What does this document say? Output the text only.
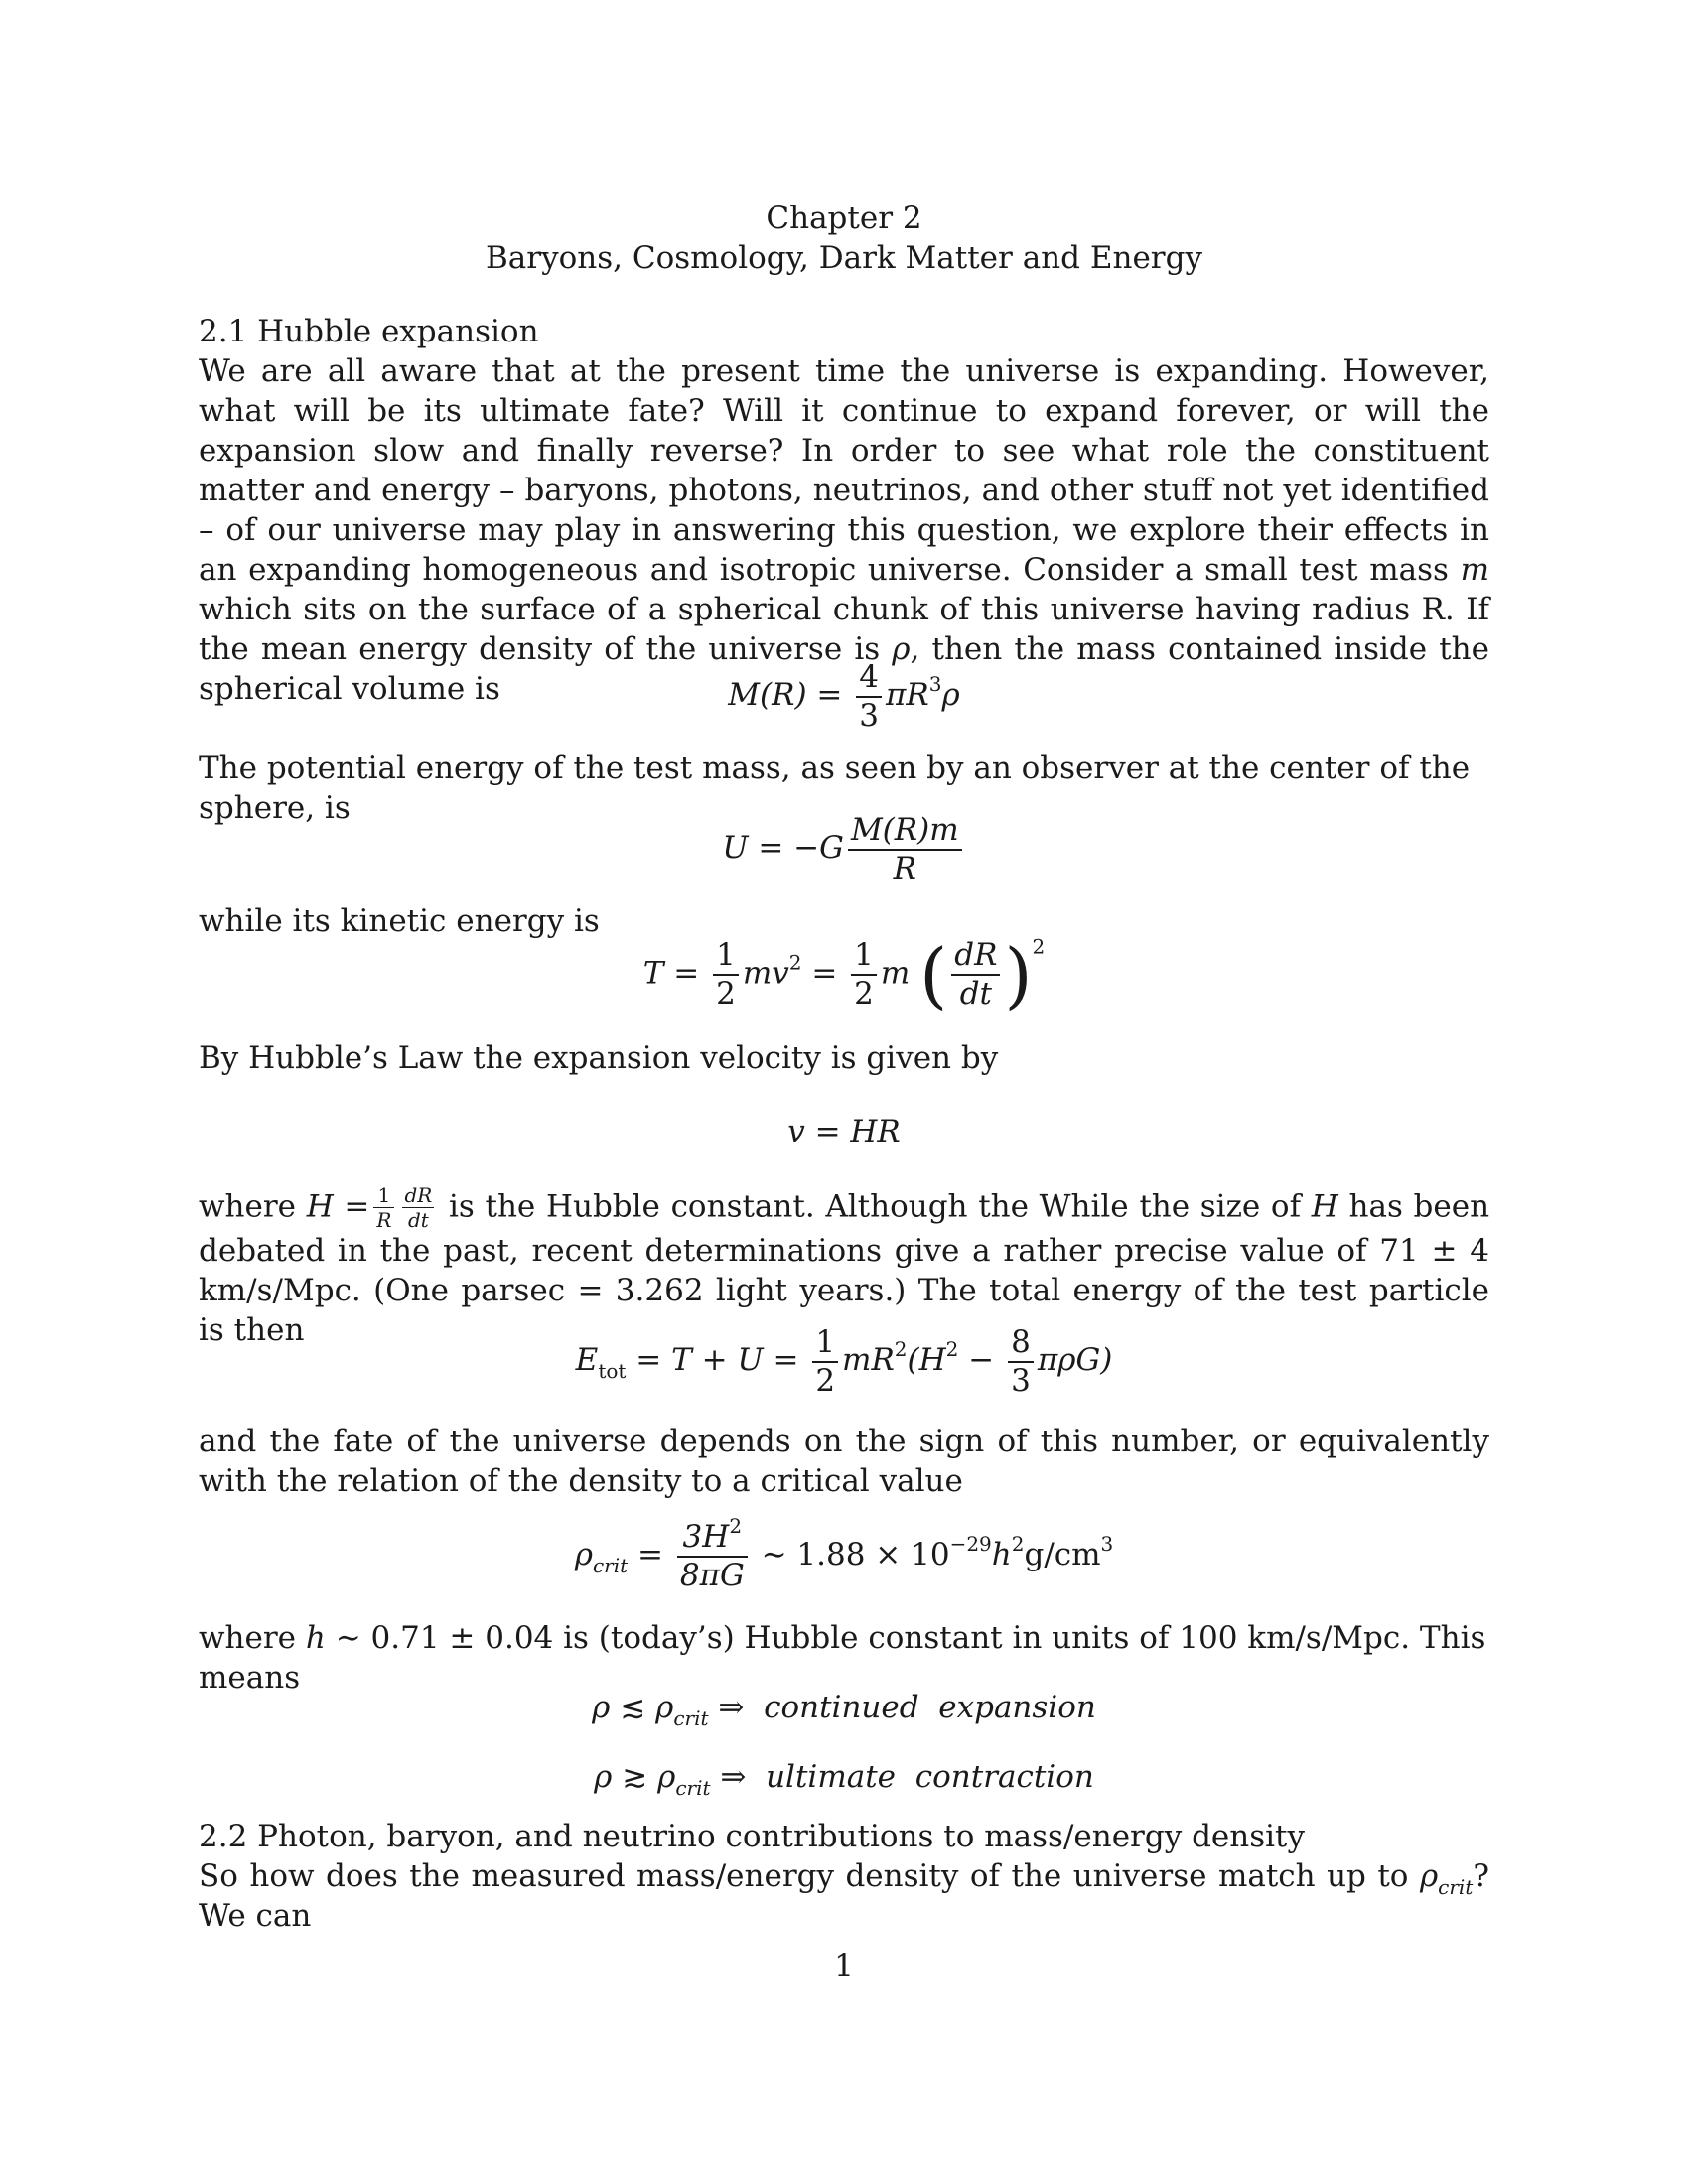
Chapter 2
Baryons, Cosmology, Dark Matter and Energy
2.1 Hubble expansion
We are all aware that at the present time the universe is expanding. However, what will be its ultimate fate? Will it continue to expand forever, or will the expansion slow and finally reverse? In order to see what role the constituent matter and energy – baryons, photons, neutrinos, and other stuff not yet identified – of our universe may play in answering this question, we explore their effects in an expanding homogeneous and isotropic universe. Consider a small test mass m which sits on the surface of a spherical chunk of this universe having radius R. If the mean energy density of the universe is ρ, then the mass contained inside the spherical volume is	$M(R) = \frac{4}{3} \pi R^3\rho$
The potential energy of the test mass, as seen by an observer at the center of the sphere, is
$U = -G \frac{M(R)m}{R}$
while its kinetic energy is
$T = \frac{1}{2} mv^2 = \frac{1}{2}$ m ( $\frac{dR}{dt} )^2$
By Hubble’s Law the expansion velocity is given by
v = HR
where $H = \frac{1}{R} \frac{dR}{dt}$ is the Hubble constant. Although the While the size of H has been debated in the past, recent determinations give a rather precise value of 71 ± 4 km/s/Mpc. (One parsec = 3.262 light years.) The total energy of the test particle is then
$E_{tot} = T + U = \frac{1}{2} mR^2(H^2 - \frac{8}{3} \pi\rho G)$
and the fate of the universe depends on the sign of this number, or equivalently with the relation of the density to a critical value
$\rho_{crit} = \frac{3H^2}{8\pi G}$ ∼ $1.88 \times 10^{-29}h^2g/cm^3$
where h ∼ 0.71 ± 0.04 is (today’s) Hubble constant in units of 100 km/s/Mpc. This means
ρ ≲ $\rho_{crit}$ ⇒ continued  expansion
ρ ≳ $\rho_{crit}$ ⇒ ultimate  contraction
2.2 Photon, baryon, and neutrino contributions to mass/energy density
So how does the measured mass/energy density of the universe match up to $\rho_{crit}$? We can
1
